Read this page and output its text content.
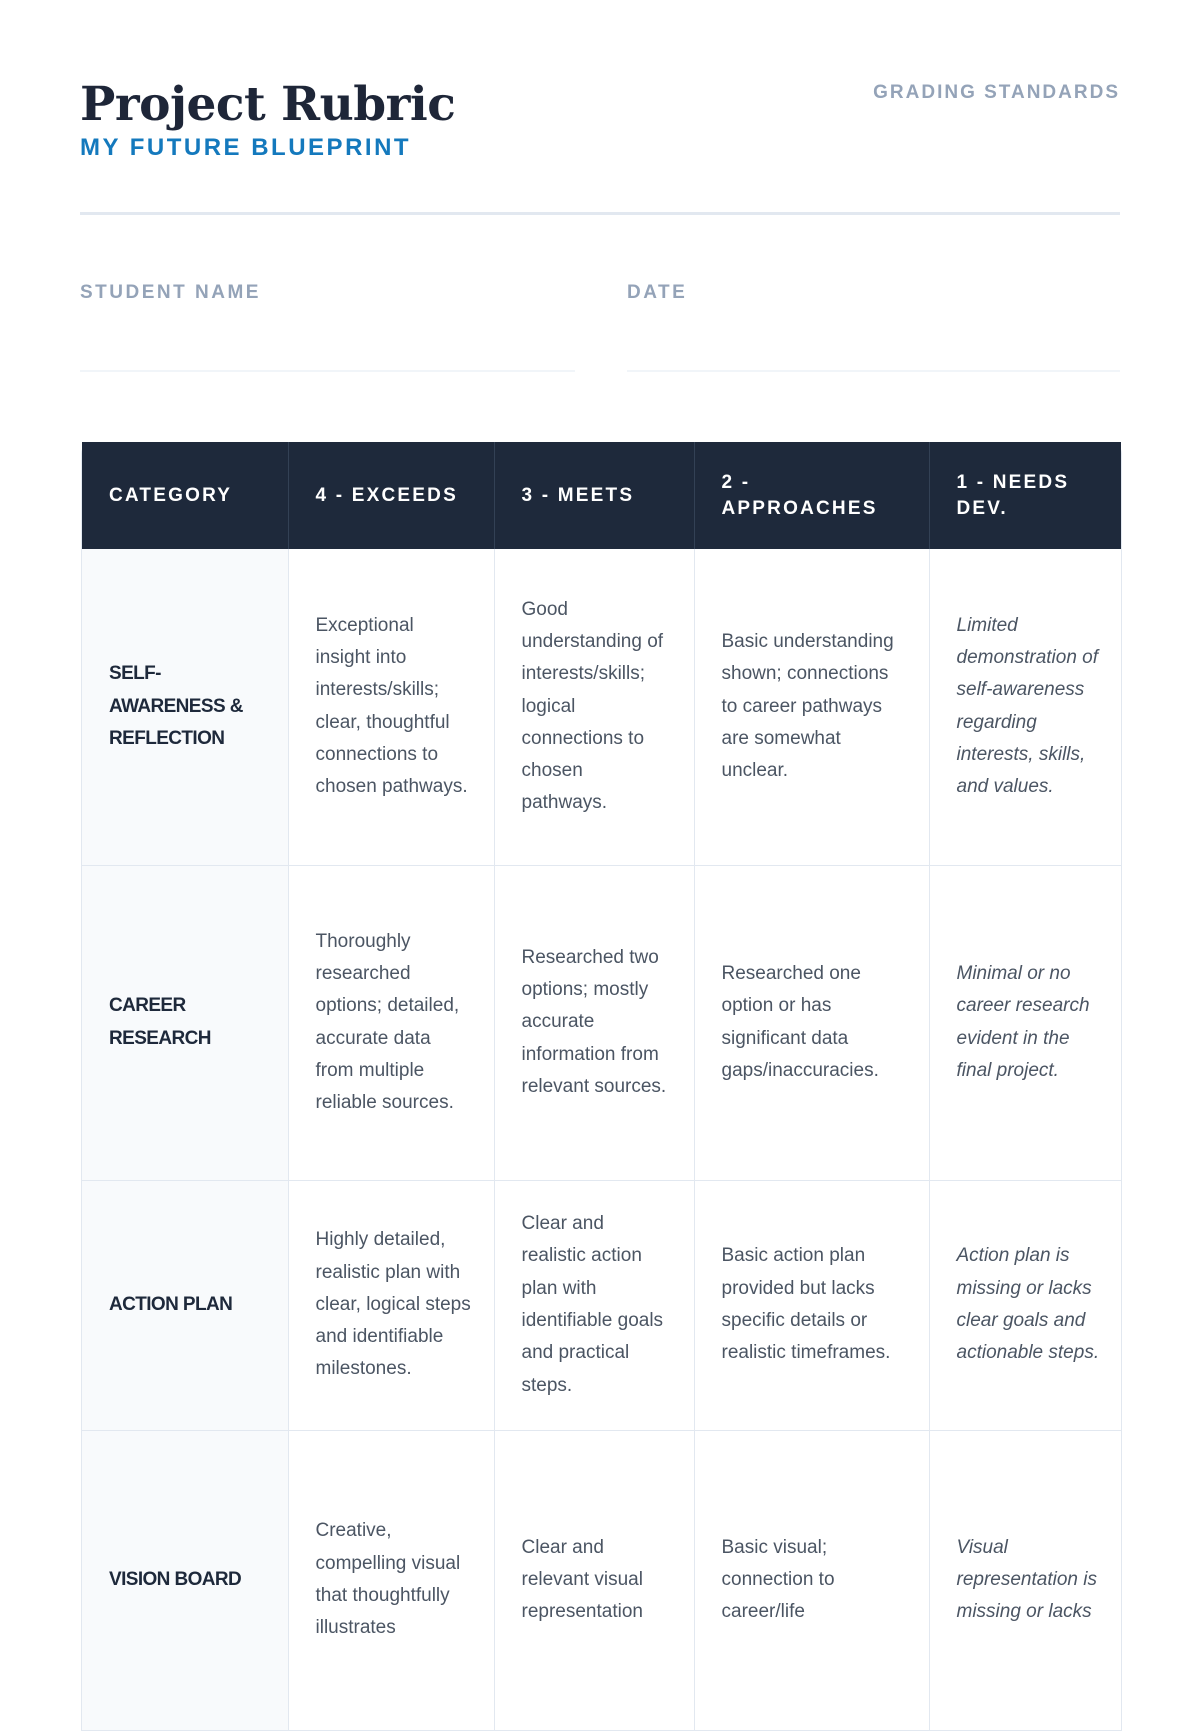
Project Rubric
MY FUTURE BLUEPRINT
GRADING STANDARDS
STUDENT NAME	DATE
CATEGORY	4 - EXCEEDS	3 - MEETS	2 - APPROACHES	1 - NEEDS DEV.
SELF-AWARENESS & REFLECTION	Exceptional insight into interests/skills; clear, thoughtful connections to chosen pathways.	Good understanding of interests/skills; logical connections to chosen pathways.	Basic understanding shown; connections to career pathways are somewhat unclear.	Limited demonstration of self-awareness regarding interests, skills, and values.
CAREER RESEARCH	Thoroughly researched options; detailed, accurate data from multiple reliable sources.	Researched two options; mostly accurate information from relevant sources.	Researched one option or has significant data gaps/inaccuracies.	Minimal or no career research evident in the final project.
ACTION PLAN	Highly detailed, realistic plan with clear, logical steps and identifiable milestones.	Clear and realistic action plan with identifiable goals and practical steps.	Basic action plan provided but lacks specific details or realistic timeframes.	Action plan is missing or lacks clear goals and actionable steps.
VISION BOARD	Creative, compelling visual that thoughtfully illustrates	Clear and relevant visual representation	Basic visual; connection to career/life	Visual representation is missing or lacks
